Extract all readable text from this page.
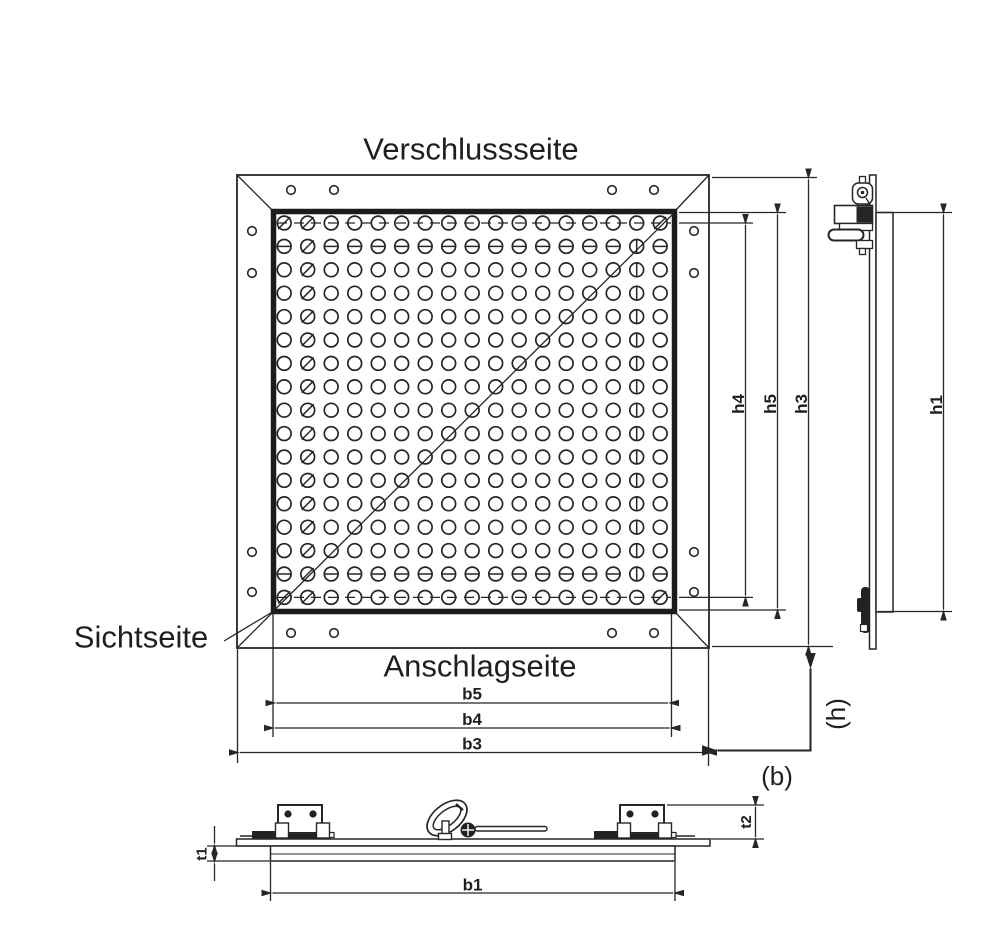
Verschlussseite
Anschlagseite
Sichtseite
h4 h5 h3
b5
b4
b3
h1
(h)
(b)
t1
t2
b1
